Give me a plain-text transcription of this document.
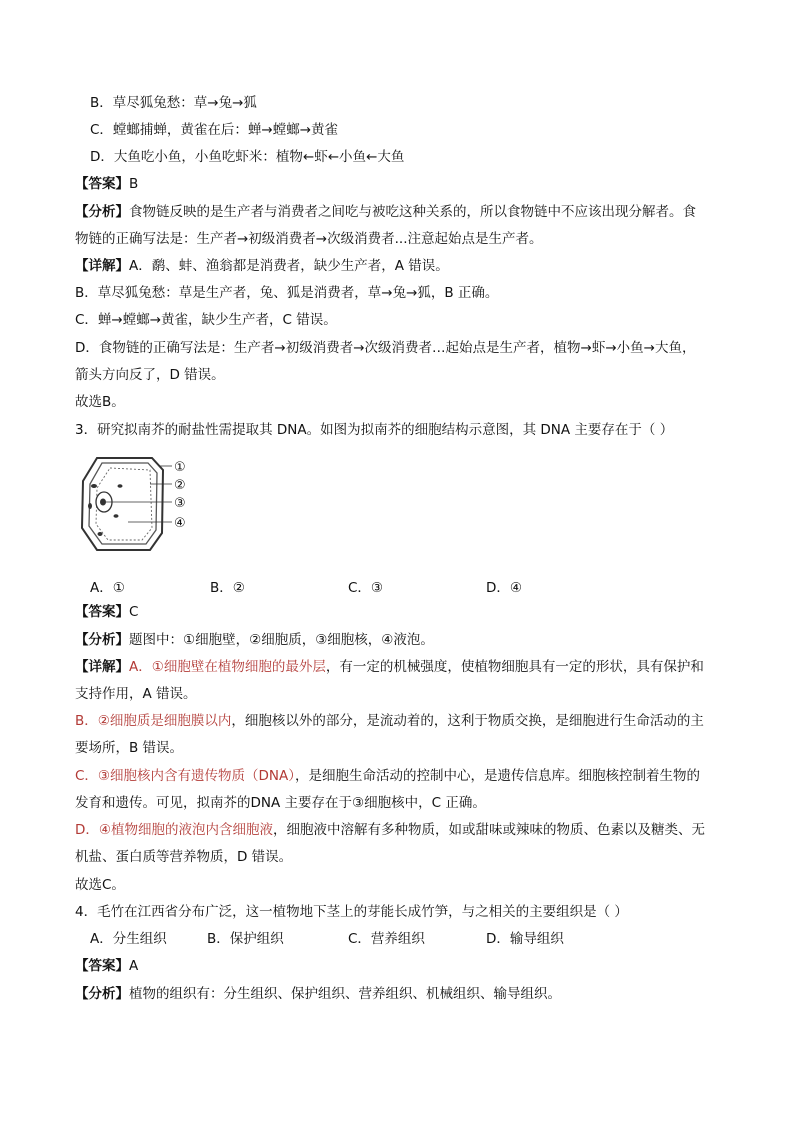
B．草尽狐兔愁：草→兔→狐
C．螳螂捕蝉，黄雀在后：蝉→螳螂→黄雀
D．大鱼吃小鱼，小鱼吃虾米：植物←虾←小鱼←大鱼
【答案】B
【分析】食物链反映的是生产者与消费者之间吃与被吃这种关系的，所以食物链中不应该出现分解者。食
物链的正确写法是：生产者→初级消费者→次级消费者...注意起始点是生产者。
【详解】A．鹬、蚌、渔翁都是消费者，缺少生产者，A 错误。
B．草尽狐兔愁：草是生产者，兔、狐是消费者，草→兔→狐，B 正确。
C．蝉→螳螂→黄雀，缺少生产者，C 错误。
D．食物链的正确写法是：生产者→初级消费者→次级消费者…起始点是生产者，植物→虾→小鱼→大鱼，
箭头方向反了，D 错误。
故选B。
3．研究拟南芥的耐盐性需提取其 DNA。如图为拟南芥的细胞结构示意图，其 DNA 主要存在于（ ）
①
②
③
④
A．①	B．②	C．③	D．④
【答案】C
【分析】题图中：①细胞壁，②细胞质，③细胞核，④液泡。
【详解】A．①细胞壁在植物细胞的最外层，有一定的机械强度，使植物细胞具有一定的形状，具有保护和
支持作用，A 错误。
B．②细胞质是细胞膜以内，细胞核以外的部分，是流动着的，这利于物质交换，是细胞进行生命活动的主
要场所，B 错误。
C．③细胞核内含有遗传物质（DNA），是细胞生命活动的控制中心，是遗传信息库。细胞核控制着生物的
发育和遗传。可见，拟南芥的DNA 主要存在于③细胞核中，C 正确。
D．④植物细胞的液泡内含细胞液，细胞液中溶解有多种物质，如或甜味或辣味的物质、色素以及糖类、无
机盐、蛋白质等营养物质，D 错误。
故选C。
4．毛竹在江西省分布广泛，这一植物地下茎上的芽能长成竹笋，与之相关的主要组织是（ ）
A．分生组织	B．保护组织	C．营养组织	D．输导组织
【答案】A
【分析】植物的组织有：分生组织、保护组织、营养组织、机械组织、输导组织。
